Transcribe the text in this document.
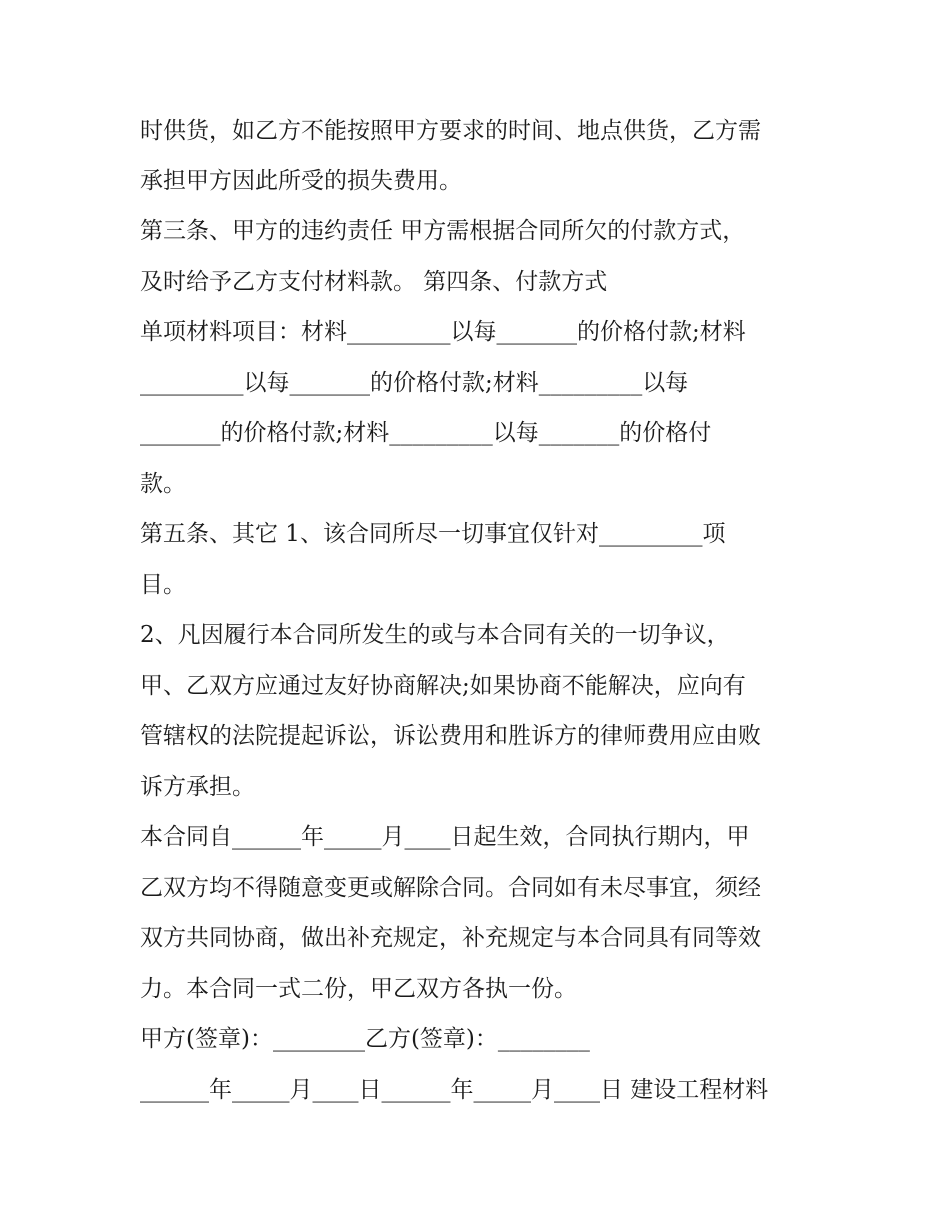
时供货，如乙方不能按照甲方要求的时间、地点供货，乙方需
承担甲方因此所受的损失费用。
第三条、甲方的违约责任 甲方需根据合同所欠的付款方式，
及时给予乙方支付材料款。 第四条、付款方式
单项材料项目：材料_________以每_______的价格付款;材料
_________以每_______的价格付款;材料_________以每
_______的价格付款;材料_________以每_______的价格付
款。
第五条、其它 1、该合同所尽一切事宜仅针对_________项
目。
2、凡因履行本合同所发生的或与本合同有关的一切争议，
甲、乙双方应通过友好协商解决;如果协商不能解决，应向有
管辖权的法院提起诉讼，诉讼费用和胜诉方的律师费用应由败
诉方承担。
本合同自______年_____月____日起生效，合同执行期内，甲
乙双方均不得随意变更或解除合同。合同如有未尽事宜，须经
双方共同协商，做出补充规定，补充规定与本合同具有同等效
力。本合同一式二份，甲乙双方各执一份。
甲方(签章)：________乙方(签章)：________
______年_____月____日______年_____月____日 建设工程材料
